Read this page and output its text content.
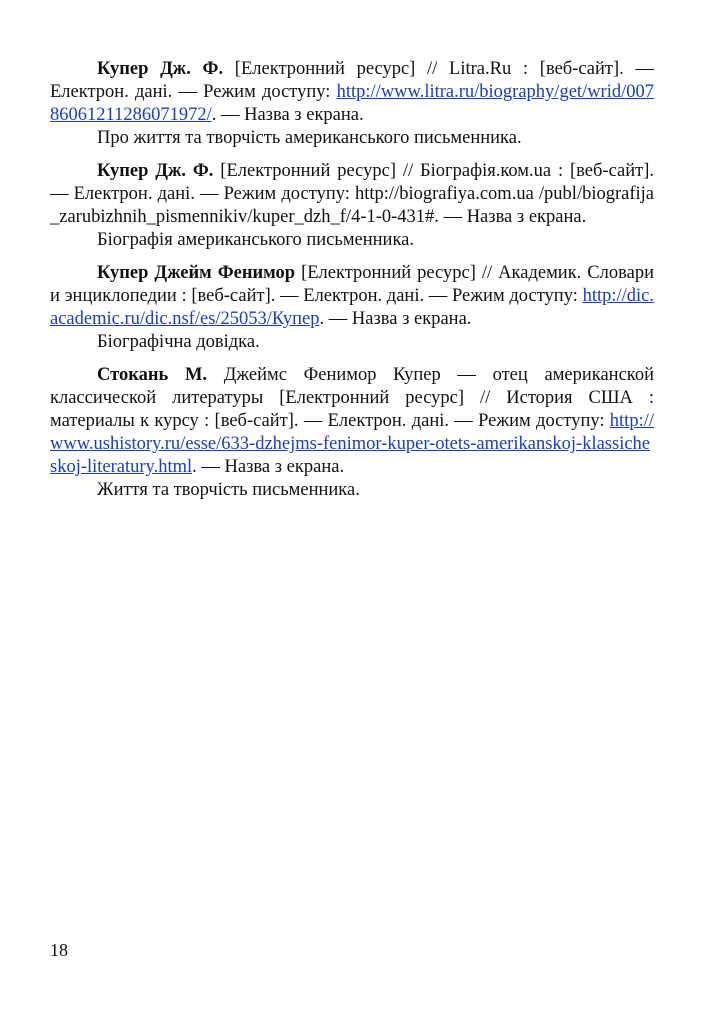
Купер Дж. Ф. [Електронний ресурс] // Litra.Ru : [веб-сайт]. — Електрон. дані. — Режим доступу: http://www.litra.ru/biography/get/wrid/00786061211286071972/. — Назва з екрана.

Про життя та творчість американського письменника.

Купер Дж. Ф. [Електронний ресурс] // Біографія.ком.ua : [веб-сайт]. — Електрон. дані. — Режим доступу: http://biografiya.com.ua /publ/biografija_zarubizhnih_pismennikiv/kuper_dzh_f/4-1-0-431#. — Назва з екрана.

Біографія американського письменника.

Купер Джейм Фенимор [Електронний ресурс] // Академик. Словари и энциклопедии : [веб-сайт]. — Електрон. дані. — Режим доступу: http://dic.academic.ru/dic.nsf/es/25053/Купер. — Назва з екрана.

Біографічна довідка.

Стокань М. Джеймс Фенимор Купер — отец американской классической литературы [Електронний ресурс] // История США : материалы к курсу : [веб-сайт]. — Електрон. дані. — Режим доступу: http://www.ushistory.ru/esse/633-dzhejms-fenimor-kuper-otets-amerikanskoj-klassicheskoj-literatury.html. — Назва з екрана.

Життя та творчість письменника.

18
